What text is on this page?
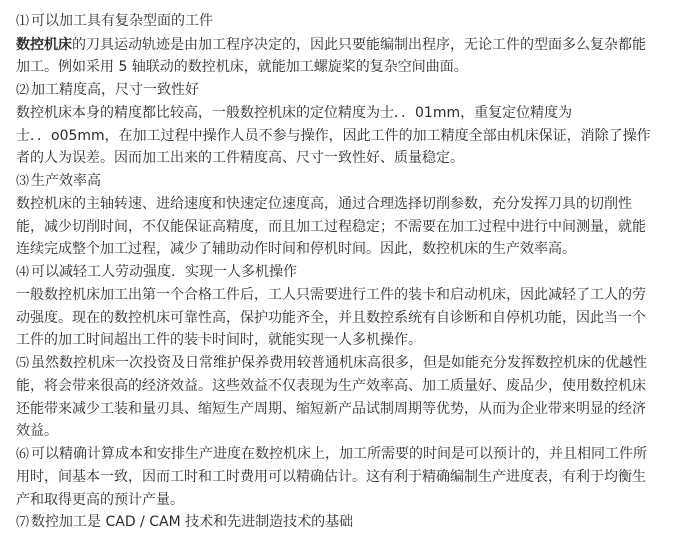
⑴ 可以加工具有复杂型面的工件
数控机床的刀具运动轨迹是由加工程序决定的，因此只要能编制出程序，无论工件的型面多么复杂都能
加工。例如采用 5 轴联动的数控机床，就能加工螺旋桨的复杂空间曲面。
⑵ 加工精度高，尺寸一致性好
数控机床本身的精度都比较高，一般数控机床的定位精度为士．．01mm，重复定位精度为
士．．o05mm，在加工过程中操作人员不参与操作，因此工件的加工精度全部由机床保证，消除了操作
者的人为误差。因而加工出来的工件精度高、尺寸一致性好、质量稳定。
⑶ 生产效率高
数控机床的主轴转速、进给速度和快速定位速度高，通过合理选择切削参数，充分发挥刀具的切削性
能，减少切削时间，不仅能保证高精度，而且加工过程稳定；不需要在加工过程中进行中间测量，就能
连续完成整个加工过程，减少了辅助动作时间和停机时间。因此，数控机床的生产效率高。
⑷ 可以减轻工人劳动强度．实现一人多机操作
一般数控机床加工出第一个合格工件后，工人只需要进行工件的装卡和启动机床，因此减轻了工人的劳
动强度。现在的数控机床可靠性高，保护功能齐全，并且数控系统有自诊断和自停机功能，因此当一个
工件的加工时间超出工件的装卡时间时，就能实现一人多机操作。
⑸ 虽然数控机床一次投资及日常维护保养费用较普通机床高很多，但是如能充分发挥数控机床的优越性
能，将会带来很高的经济效益。这些效益不仅表现为生产效率高、加工质量好、废品少，使用数控机床
还能带来减少工装和量刃具、缩短生产周期、缩短新产品试制周期等优势，从而为企业带来明显的经济
效益。
⑹ 可以精确计算成本和安排生产进度在数控机床上，加工所需要的时间是可以预计的，并且相同工件所
用时，间基本一致，因而工时和工时费用可以精确估计。这有利于精确编制生产进度表，有利于均衡生
产和取得更高的预计产量。
⑺ 数控加工是 CAD / CAM 技术和先进制造技术的基础
